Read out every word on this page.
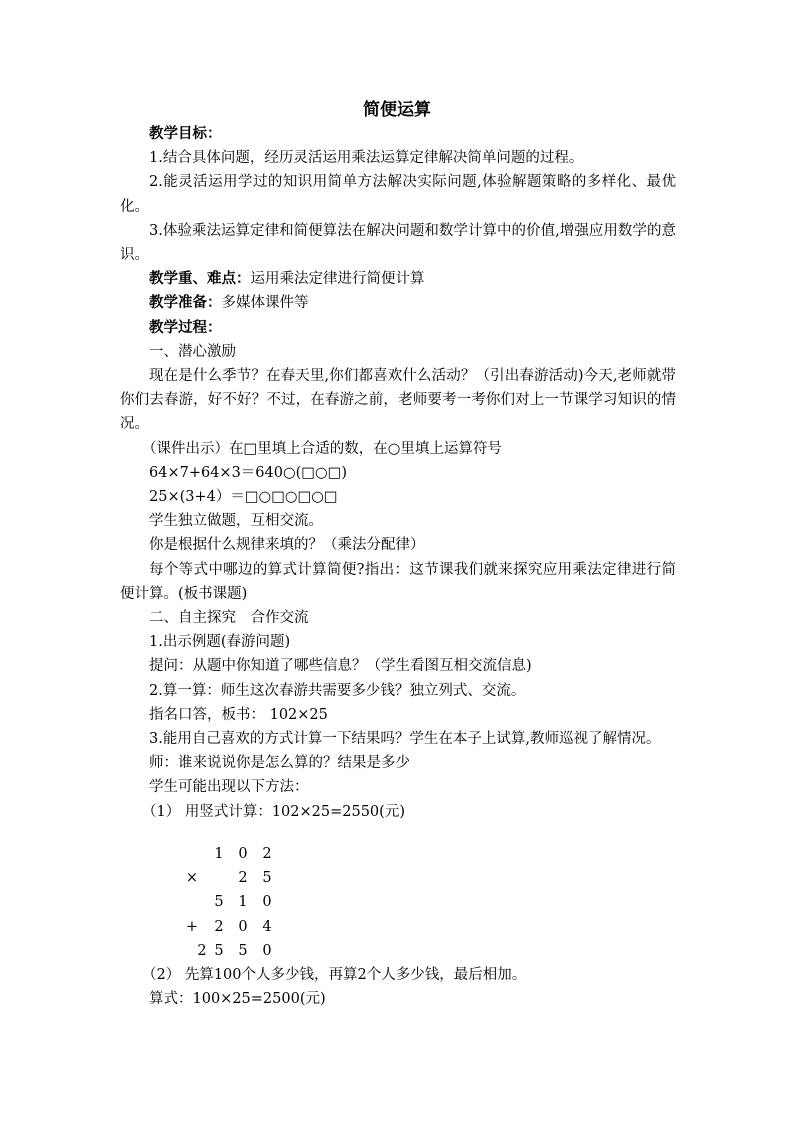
简便运算

教学目标：

1.结合具体问题，经历灵活运用乘法运算定律解决简单问题的过程。

2.能灵活运用学过的知识用简单方法解决实际问题,体验解题策略的多样化、最优化。

3.体验乘法运算定律和简便算法在解决问题和数学计算中的价值,增强应用数学的意识。

教学重、难点：运用乘法定律进行简便计算

教学准备：多媒体课件等

教学过程：

一、潜心激励

现在是什么季节？在春天里,你们都喜欢什么活动？（引出春游活动)今天,老师就带你们去春游，好不好？不过，在春游之前，老师要考一考你们对上一节课学习知识的情况。

（课件出示）在□里填上合适的数，在○里填上运算符号

64×7+64×3＝640○(□○□)

25×(3+4）＝□○□○□○□

学生独立做题，互相交流。

你是根据什么规律来填的？（乘法分配律）

每个等式中哪边的算式计算简便?指出：这节课我们就来探究应用乘法定律进行简便计算。(板书课题)

二、自主探究　合作交流

1.出示例题(春游问题)

提问：从题中你知道了哪些信息？（学生看图互相交流信息)

2.算一算：师生这次春游共需要多少钱？独立列式、交流。

指名口答，板书： 102×25

3.能用自己喜欢的方式计算一下结果吗？学生在本子上试算,教师巡视了解情况。

师：谁来说说你是怎么算的？结果是多少

学生可能出现以下方法：

（1） 用竖式计算：102×25=2550(元)

1 0 2
×	2 5
5 1 0
+ 2 0 4
2 5 5 0

（2） 先算100个人多少钱，再算2个人多少钱，最后相加。

算式：100×25=2500(元)
